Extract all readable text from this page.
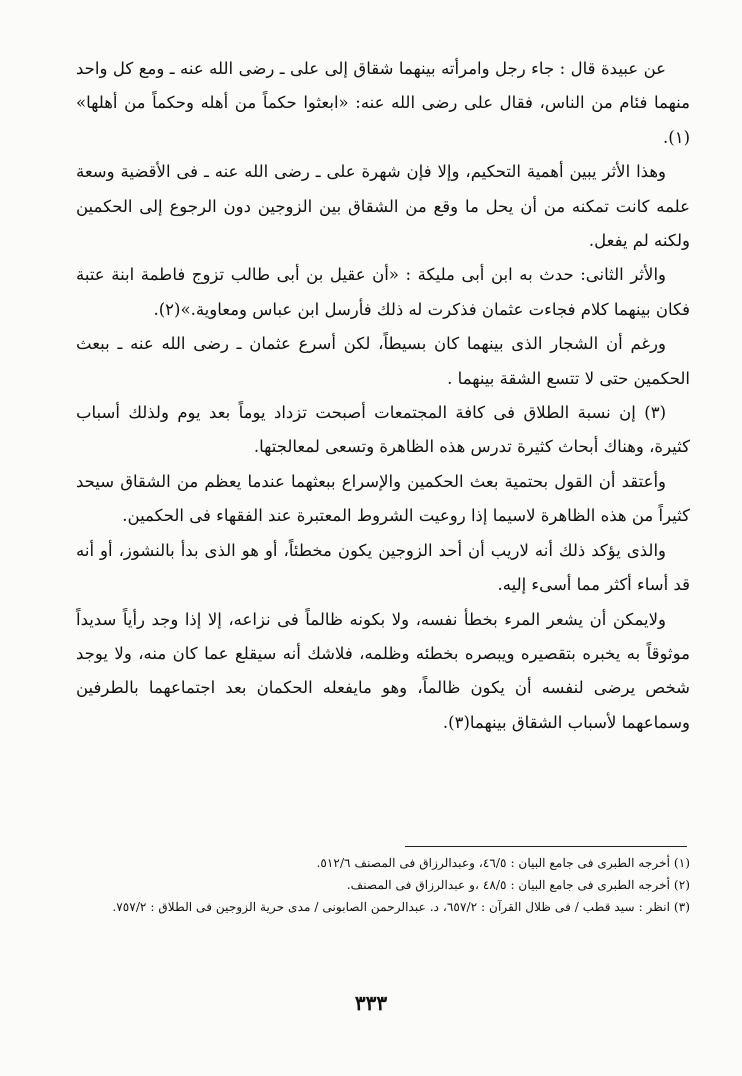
عن عبيدة قال : جاء رجل وامرأته بينهما شقاق إلى على ـ رضى الله عنه ـ ومع كل واحد منهما فئام من الناس، فقال على رضى الله عنه: «ابعثوا حكماً من أهله وحكماً من أهلها» (١).

وهذا الأثر يبين أهمية التحكيم، وإلا فإن شهرة على ـ رضى الله عنه ـ فى الأقضية وسعة علمه كانت تمكنه من أن يحل ما وقع من الشقاق بين الزوجين دون الرجوع إلى الحكمين ولكنه لم يفعل.

والأثر الثانى: حدث به ابن أبى مليكة : «أن عقيل بن أبى طالب تزوج فاطمة ابنة عتبة فكان بينهما كلام فجاءت عثمان فذكرت له ذلك فأرسل ابن عباس ومعاوية.»(٢).

ورغم أن الشجار الذى بينهما كان بسيطاً، لكن أسرع عثمان ـ رضى الله عنه ـ ببعث الحكمين حتى لا تتسع الشقة بينهما .

(٣) إن نسبة الطلاق فى كافة المجتمعات أصبحت تزداد يوماً بعد يوم ولذلك أسباب كثيرة، وهناك أبحاث كثيرة تدرس هذه الظاهرة وتسعى لمعالجتها.

وأعتقد أن القول بحتمية بعث الحكمين والإسراع ببعثهما عندما يعظم من الشقاق سيحد كثيراً من هذه الظاهرة لاسيما إذا روعيت الشروط المعتبرة عند الفقهاء فى الحكمين.

والذى يؤكد ذلك أنه لاريب أن أحد الزوجين يكون مخطئاً، أو هو الذى بدأ بالنشوز، أو أنه قد أساء أكثر مما أسىء إليه.

ولايمكن أن يشعر المرء بخطأ نفسه، ولا بكونه ظالماً فى نزاعه، إلا إذا وجد رأياً سديداً موثوقاً به يخبره بتقصيره ويبصره بخطئه وظلمه، فلاشك أنه سيقلع عما كان منه، ولا يوجد شخص يرضى لنفسه أن يكون ظالماً، وهو مايفعله الحكمان بعد اجتماعهما بالطرفين وسماعهما لأسباب الشقاق بينهما(٣).

(١) أخرجه الطبرى فى جامع البيان : ٤٦/٥، وعبدالرزاق فى المصنف ٥١٢/٦.

(٢) أخرجه الطبرى فى جامع البيان : ٤٨/٥ ،و عبدالرزاق فى المصنف.

(٣) انظر : سيد قطب / فى ظلال القرآن : ٦٥٧/٢، د. عبدالرحمن الصابونى / مدى حرية الزوجين فى الطلاق : ٧٥٧/٢.

٣٣٣
